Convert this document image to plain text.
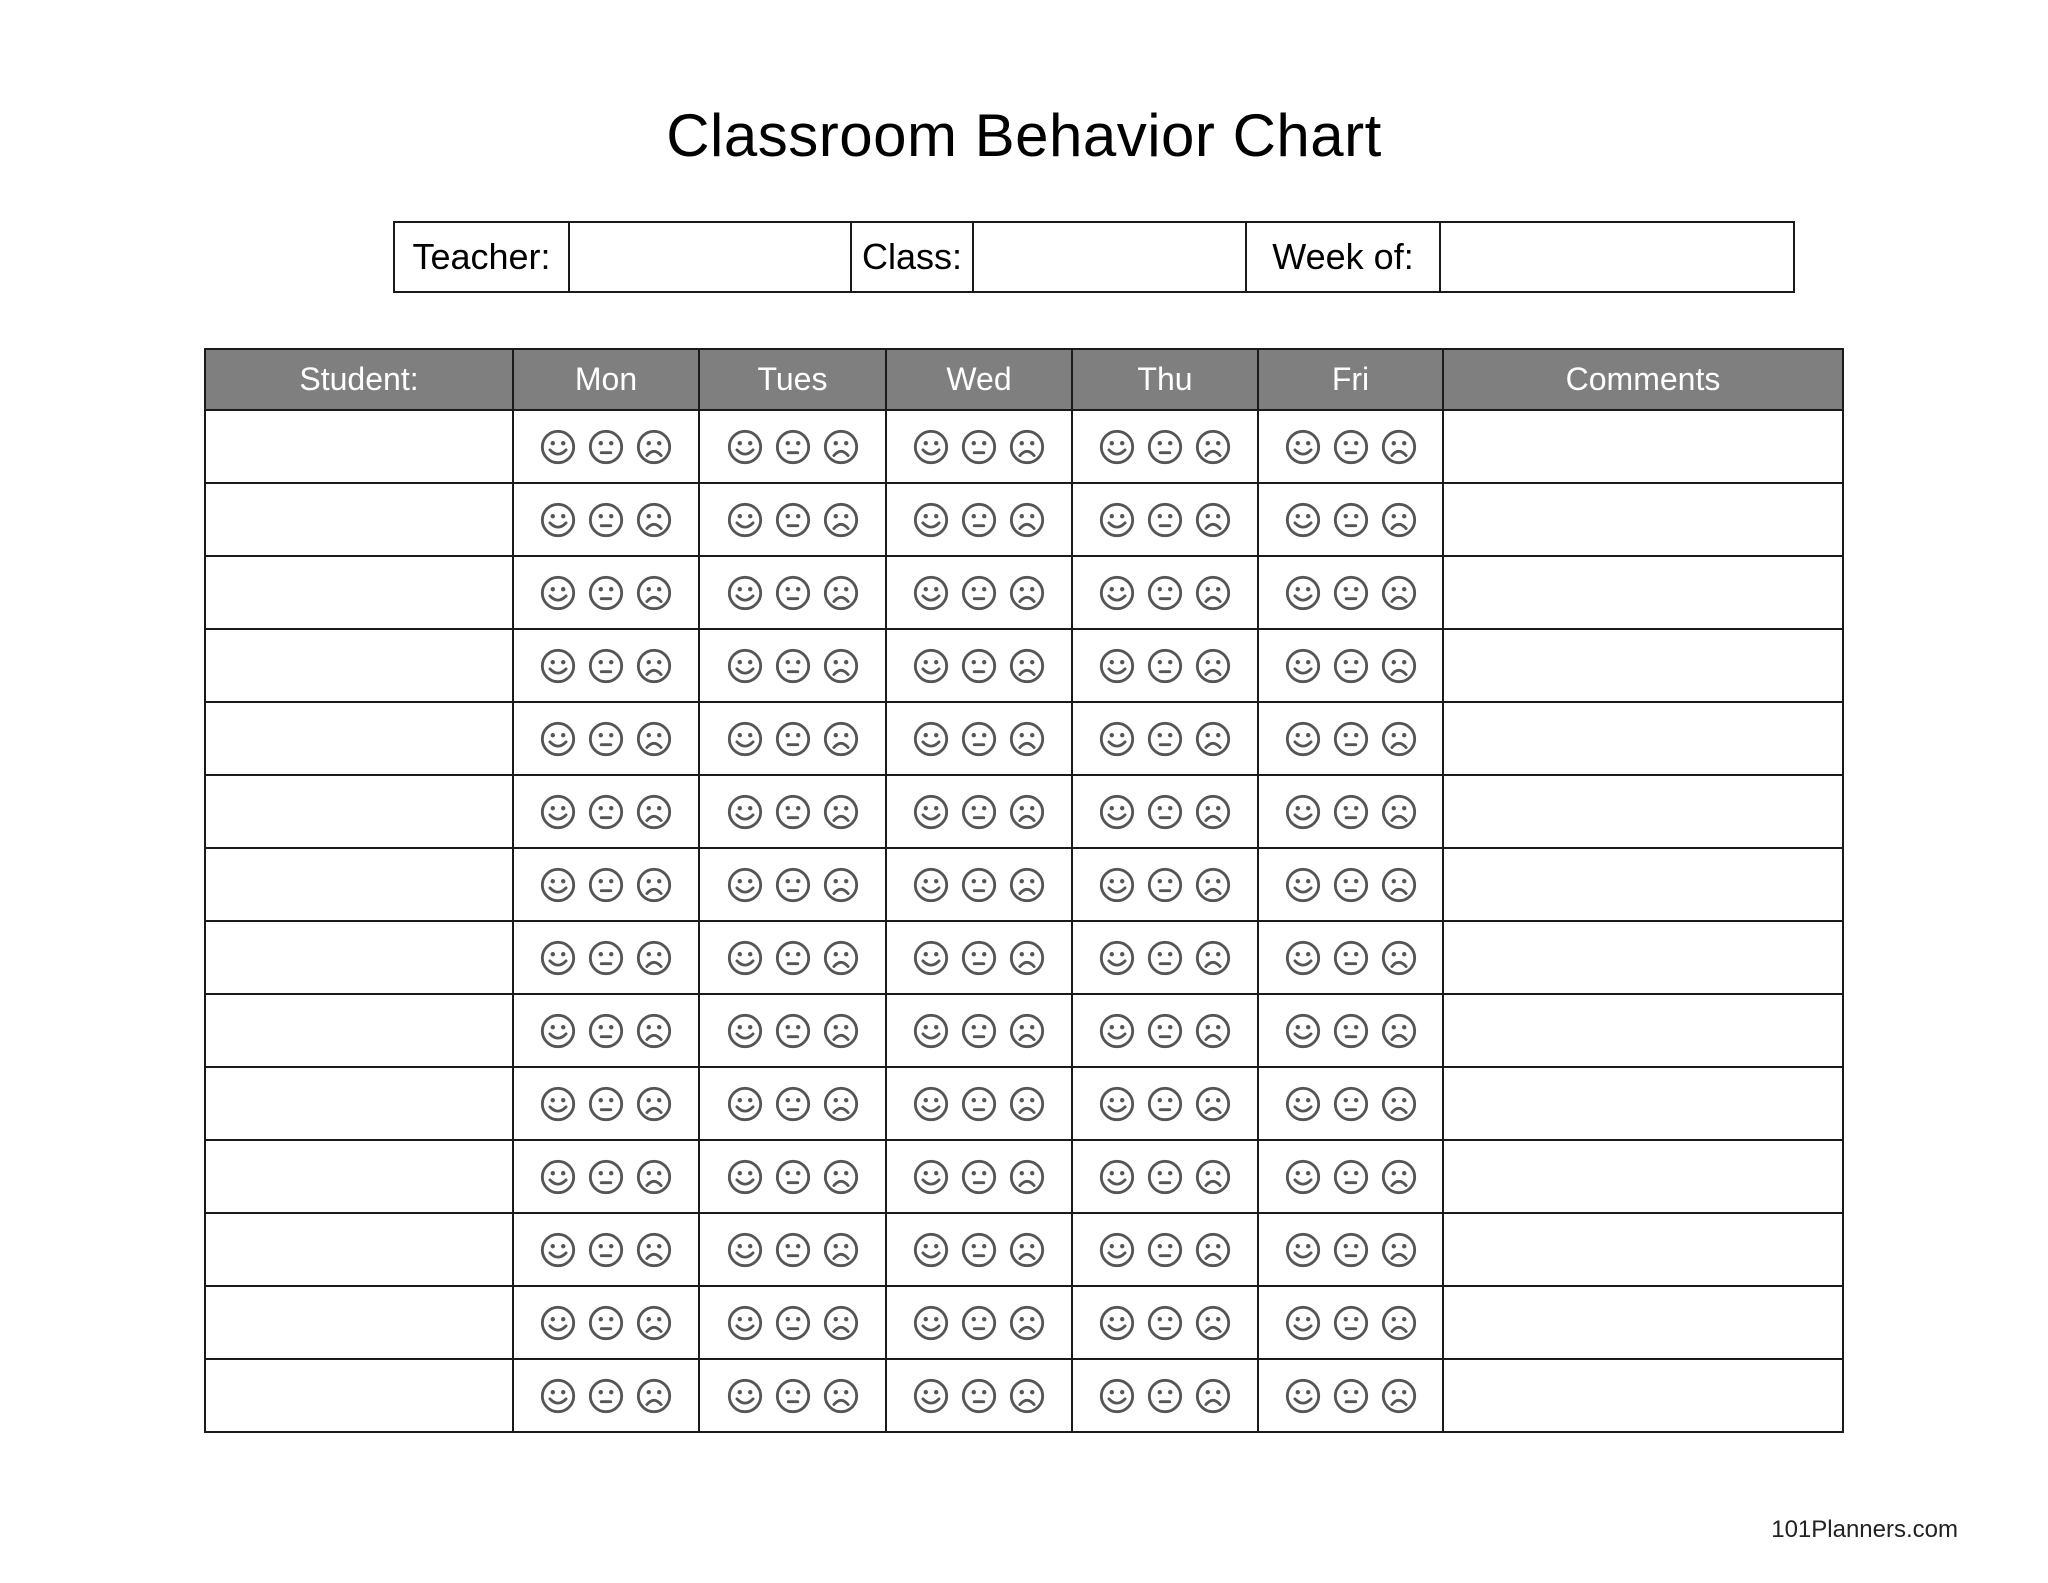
Classroom Behavior Chart
Teacher:	Class:	Week of:
Student:	Mon	Tues	Wed	Thu	Fri	Comments

101Planners.com
